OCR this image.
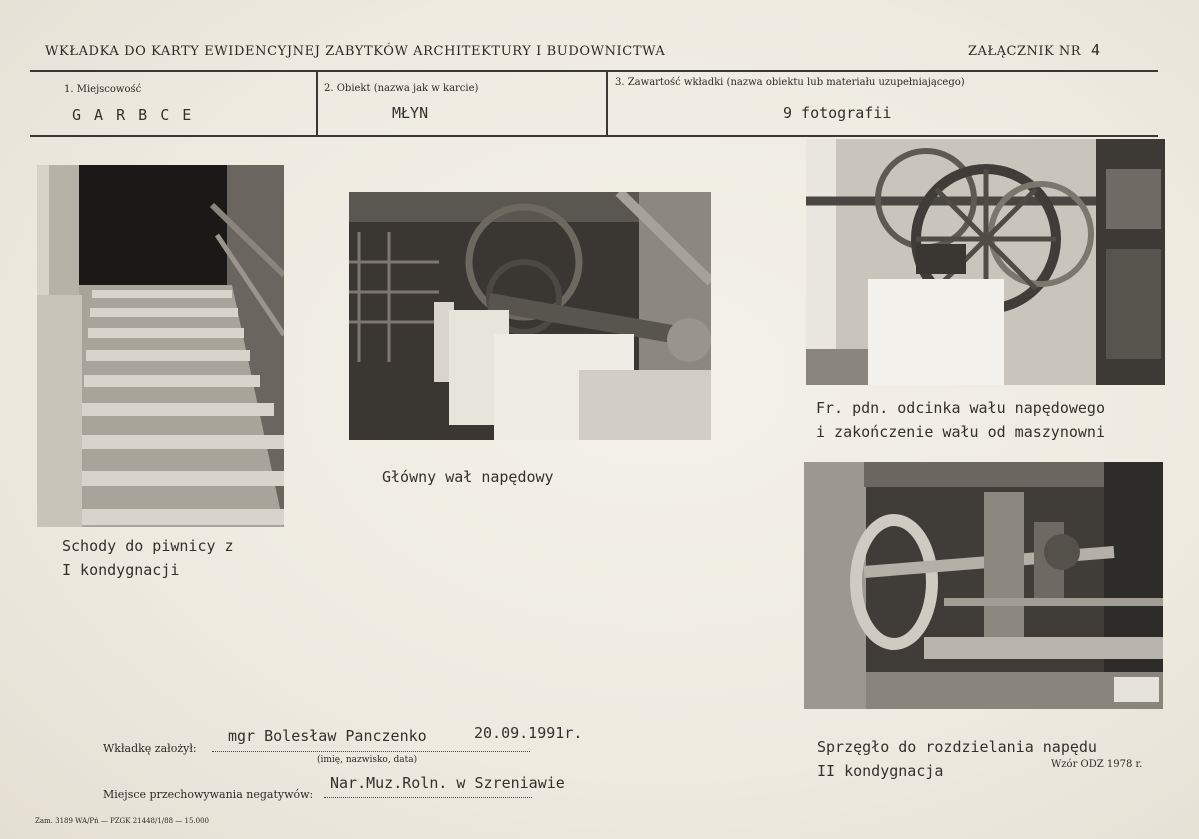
WKŁADKA DO KARTY EWIDENCYJNEJ ZABYTKÓW ARCHITEKTURY I BUDOWNICTWA	ZAŁĄCZNIK NR 4
1. Miejscowość
G A R B C E
2. Obiekt (nazwa jak w karcie)
MŁYN
3. Zawartość wkładki (nazwa obiektu lub materiału uzupełniającego)
9 fotografii
Schody do piwnicy z
I kondygnacji
Główny wał napędowy
Fr. pdn. odcinka wału napędowego
i zakończenie wału od maszynowni
Sprzęgło do rozdzielania napędu
II kondygnacja
Wkładkę założył:
mgr Bolesław Panczenko	20.09.1991r.
(imię, nazwisko, data)
Miejsce przechowywania negatywów:
Nar.Muz.Roln. w Szreniawie
Wzór ODZ 1978 r.
Zam. 3189 WA/Pń — PZGK 21448/1/88 — 15.000
